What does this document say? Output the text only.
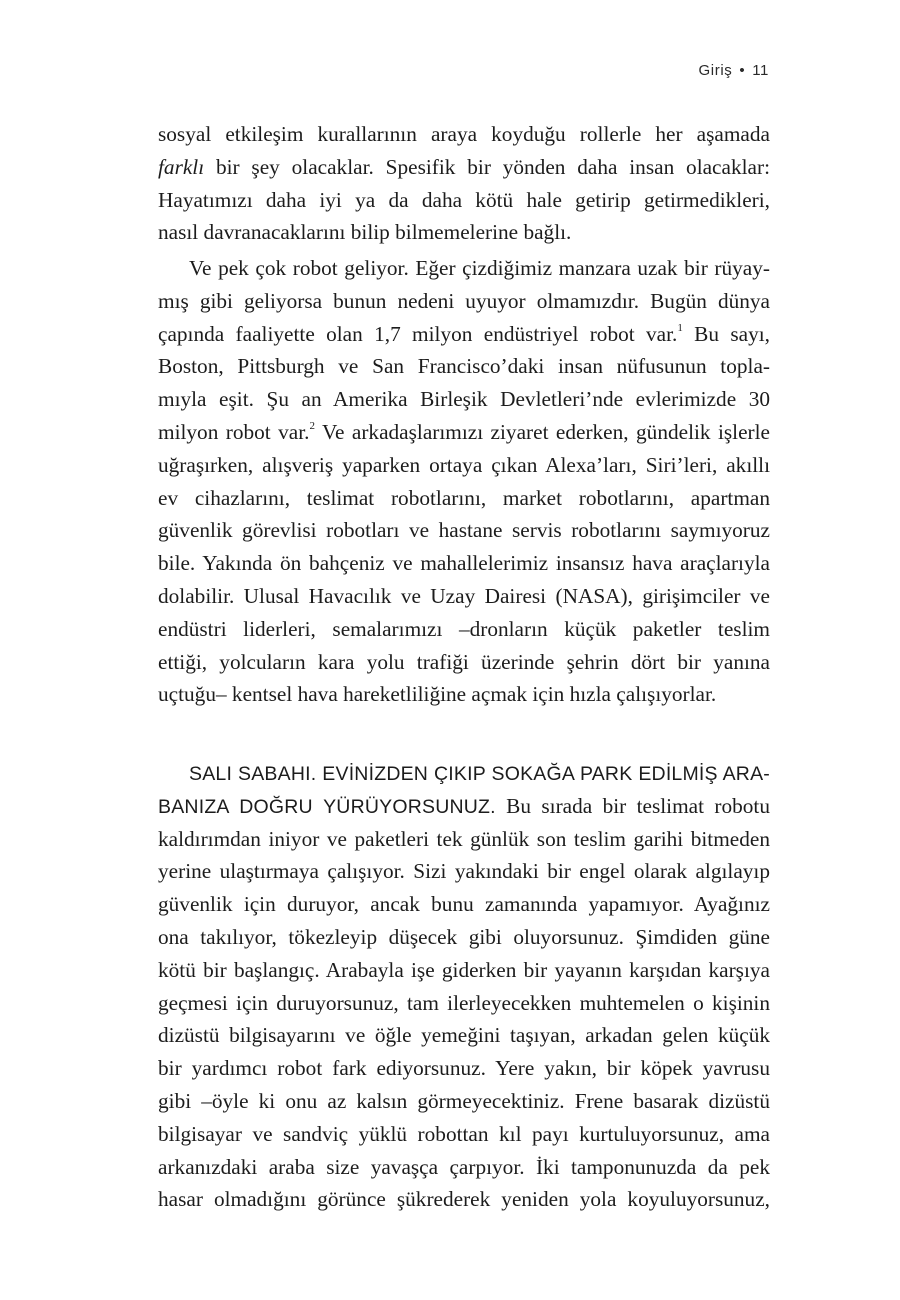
Giriş • 11
sosyal etkileşim kurallarının araya koyduğu rollerle her aşamada
farklı bir şey olacaklar. Spesifik bir yönden daha insan olacaklar:
Hayatımızı daha iyi ya da daha kötü hale getirip getirmedikleri,
nasıl davranacaklarını bilip bilmemelerine bağlı.
Ve pek çok robot geliyor. Eğer çizdiğimiz manzara uzak bir rüyay-
mış gibi geliyorsa bunun nedeni uyuyor olmamızdır. Bugün dünya
çapında faaliyette olan 1,7 milyon endüstriyel robot var.$^1$ Bu sayı,
Boston, Pittsburgh ve San Francisco’daki insan nüfusunun topla-
mıyla eşit. Şu an Amerika Birleşik Devletleri’nde evlerimizde 30
milyon robot var.$^2$ Ve arkadaşlarımızı ziyaret ederken, gündelik işlerle
uğraşırken, alışveriş yaparken ortaya çıkan Alexa’ları, Siri’leri, akıllı
ev cihazlarını, teslimat robotlarını, market robotlarını, apartman
güvenlik görevlisi robotları ve hastane servis robotlarını saymıyoruz
bile. Yakında ön bahçeniz ve mahallelerimiz insansız hava araçlarıyla
dolabilir. Ulusal Havacılık ve Uzay Dairesi (NASA), girişimciler ve
endüstri liderleri, semalarımızı –dronların küçük paketler teslim
ettiği, yolcuların kara yolu trafiği üzerinde şehrin dört bir yanına
uçtuğu– kentsel hava hareketliliğine açmak için hızla çalışıyorlar.
SALI SABAHI. EVİNİZDEN ÇIKIP SOKAĞA PARK EDİLMİŞ ARA-
BANIZA DOĞRU YÜRÜYORSUNUZ. Bu sırada bir teslimat robotu
kaldırımdan iniyor ve paketleri tek günlük son teslim garihi bitmeden
yerine ulaştırmaya çalışıyor. Sizi yakındaki bir engel olarak algılayıp
güvenlik için duruyor, ancak bunu zamanında yapamıyor. Ayağınız
ona takılıyor, tökezleyip düşecek gibi oluyorsunuz. Şimdiden güne
kötü bir başlangıç. Arabayla işe giderken bir yayanın karşıdan karşıya
geçmesi için duruyorsunuz, tam ilerleyecekken muhtemelen o kişinin
dizüstü bilgisayarını ve öğle yemeğini taşıyan, arkadan gelen küçük
bir yardımcı robot fark ediyorsunuz. Yere yakın, bir köpek yavrusu
gibi –öyle ki onu az kalsın görmeyecektiniz. Frene basarak dizüstü
bilgisayar ve sandviç yüklü robottan kıl payı kurtuluyorsunuz, ama
arkanızdaki araba size yavaşça çarpıyor. İki tamponunuzda da pek
hasar olmadığını görünce şükrederek yeniden yola koyuluyorsunuz,
